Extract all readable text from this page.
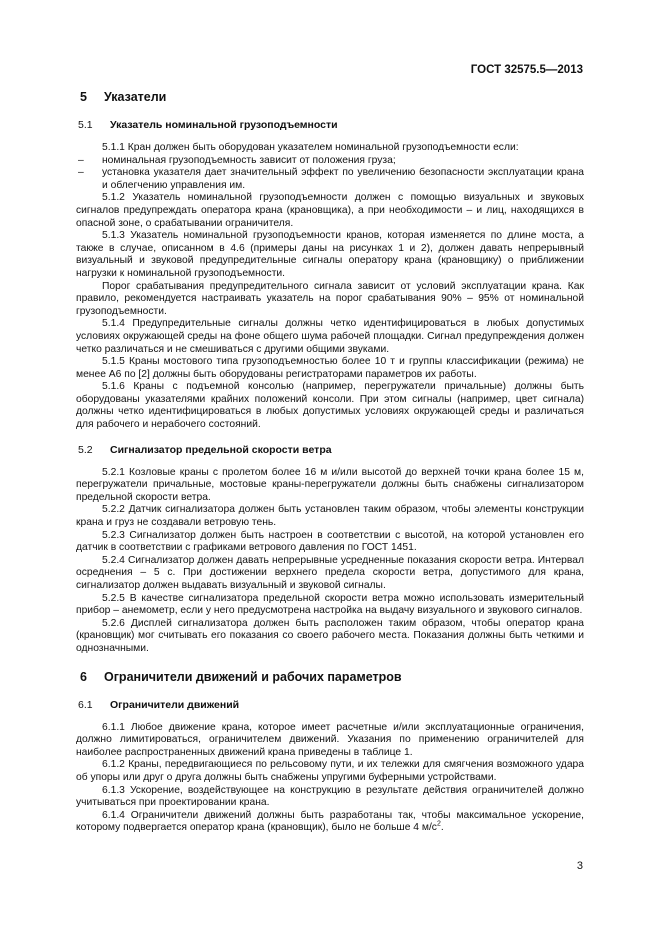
ГОСТ 32575.5—2013
5 Указатели
5.1 Указатель номинальной грузоподъемности

5.1.1 Кран должен быть оборудован указателем номинальной грузоподъемности если:

–	номинальная грузоподъемность зависит от положения груза;
–	установка указателя дает значительный эффект по увеличению безопасности эксплуатации крана и облегчению управления им.

5.1.2 Указатель номинальной грузоподъемности должен с помощью визуальных и звуковых сигналов предупреждать оператора крана (крановщика), а при необходимости – и лиц, находящихся в опасной зоне, о срабатывании ограничителя.

5.1.3 Указатель номинальной грузоподъемности кранов, которая изменяется по длине моста, а также в случае, описанном в 4.6 (примеры даны на рисунках 1 и 2), должен давать непрерывный визуальный и звуковой предупредительные сигналы оператору крана (крановщику) о приближении нагрузки к номинальной грузоподъемности.

Порог срабатывания предупредительного сигнала зависит от условий эксплуатации крана. Как правило, рекомендуется настраивать указатель на порог срабатывания 90% – 95% от номинальной грузоподъемности.

5.1.4 Предупредительные сигналы должны четко идентифицироваться в любых допустимых условиях окружающей среды на фоне общего шума рабочей площадки. Сигнал предупреждения должен четко различаться и не смешиваться с другими общими звуками.

5.1.5 Краны мостового типа грузоподъемностью более 10 т и группы классификации (режима) не менее А6 по [2] должны быть оборудованы регистраторами параметров их работы.

5.1.6 Краны с подъемной консолью (например, перегружатели причальные) должны быть оборудованы указателями крайних положений консоли. При этом сигналы (например, цвет сигнала) должны четко идентифицироваться в любых допустимых условиях окружающей среды и различаться для рабочего и нерабочего состояний.

5.2 Сигнализатор предельной скорости ветра

5.2.1 Козловые краны с пролетом более 16 м и/или высотой до верхней точки крана более 15 м, перегружатели причальные, мостовые краны-перегружатели должны быть снабжены сигнализатором предельной скорости ветра.

5.2.2 Датчик сигнализатора должен быть установлен таким образом, чтобы элементы конструкции крана и груз не создавали ветровую тень.

5.2.3 Сигнализатор должен быть настроен в соответствии с высотой, на которой установлен его датчик в соответствии с графиками ветрового давления по ГОСТ 1451.

5.2.4 Сигнализатор должен давать непрерывные усредненные показания скорости ветра. Интервал осреднения – 5 с. При достижении верхнего предела скорости ветра, допустимого для крана, сигнализатор должен выдавать визуальный и звуковой сигналы.

5.2.5 В качестве сигнализатора предельной скорости ветра можно использовать измерительный прибор – анемометр, если у него предусмотрена настройка на выдачу визуального и звукового сигналов.

5.2.6 Дисплей сигнализатора должен быть расположен таким образом, чтобы оператор крана (крановщик) мог считывать его показания со своего рабочего места. Показания должны быть четкими и однозначными.

6 Ограничители движений и рабочих параметров
6.1 Ограничители движений

6.1.1 Любое движение крана, которое имеет расчетные и/или эксплуатационные ограничения, должно лимитироваться, ограничителем движений. Указания по применению ограничителей для наиболее распространенных движений крана приведены в таблице 1.

6.1.2 Краны, передвигающиеся по рельсовому пути, и их тележки для смягчения возможного удара об упоры или друг о друга должны быть снабжены упругими буферными устройствами.

6.1.3 Ускорение, воздействующее на конструкцию в результате действия ограничителей должно учитываться при проектировании крана.

6.1.4 Ограничители движений должны быть разработаны так, чтобы максимальное ускорение, которому подвергается оператор крана (крановщик), было не больше 4 $м/с^2$.

3
